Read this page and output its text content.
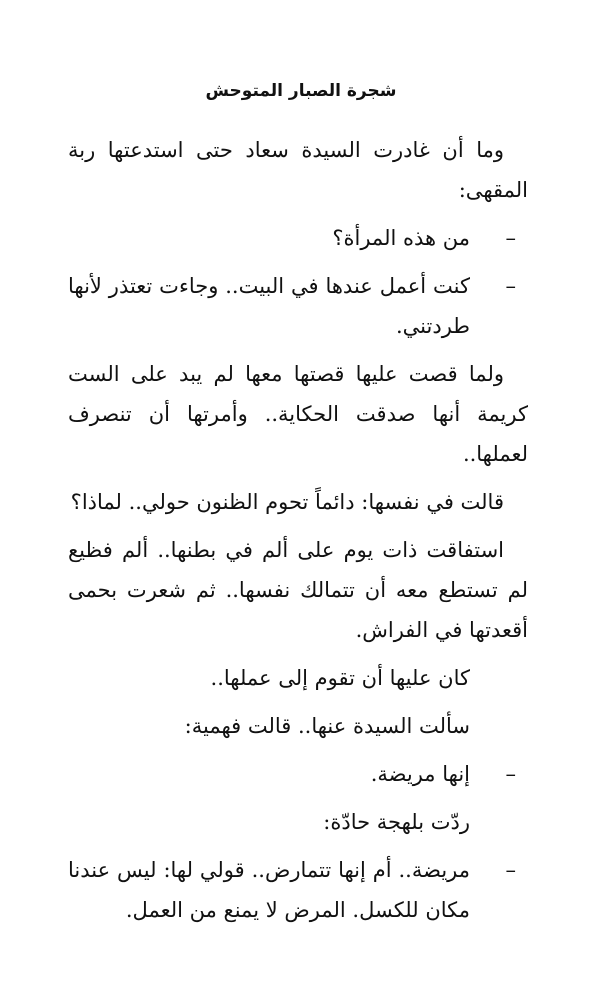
شجرة الصبار المتوحش

وما أن غادرت السيدة سعاد حتى استدعتها ربة المقهى:

–
من هذه المرأة؟

–
كنت أعمل عندها في البيت.. وجاءت تعتذر لأنها طردتني.

ولما قصت عليها قصتها معها لم يبد على الست كريمة أنها صدقت الحكاية.. وأمرتها أن تنصرف لعملها..

قالت في نفسها: دائماً تحوم الظنون حولي.. لماذا؟

استفاقت ذات يوم على ألم في بطنها.. ألم فظيع لم تستطع معه أن تتمالك نفسها.. ثم شعرت بحمى أقعدتها في الفراش.

كان عليها أن تقوم إلى عملها..

سألت السيدة عنها.. قالت فهمية:

–
إنها مريضة.

ردّت بلهجة حادّة:

–
مريضة.. أم إنها تتمارض.. قولي لها: ليس عندنا مكان للكسل. المرض لا يمنع من العمل.
